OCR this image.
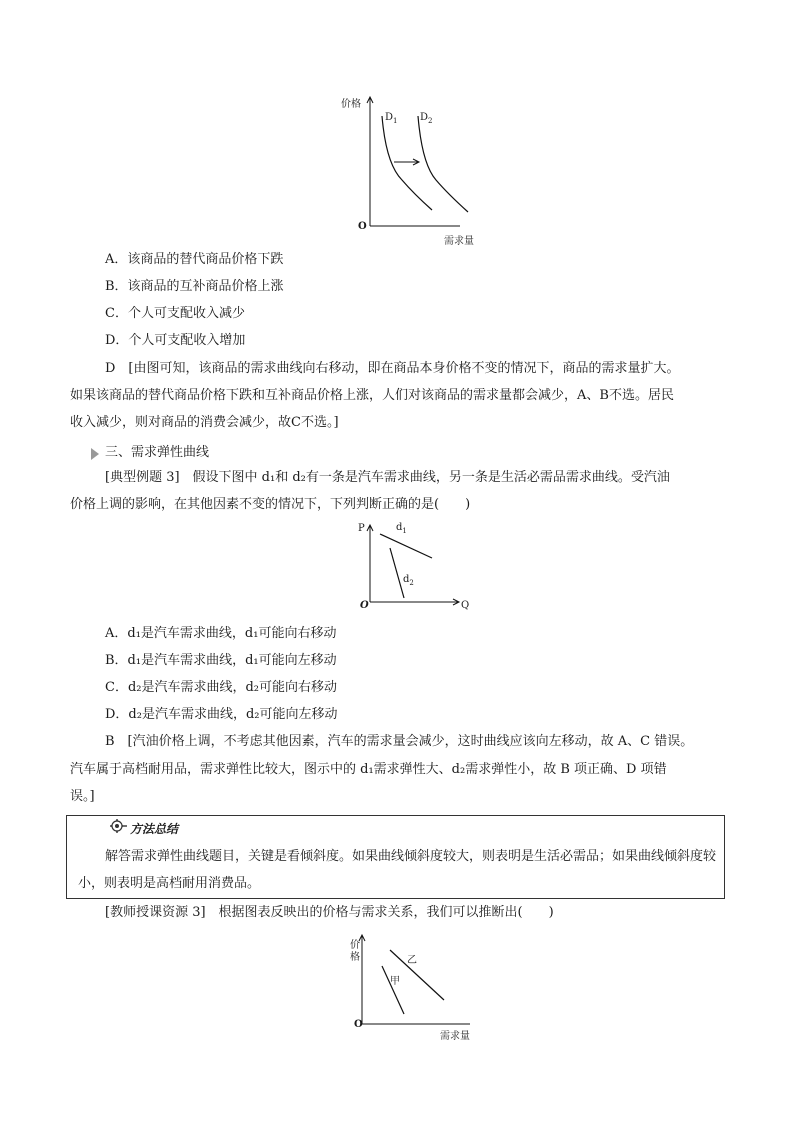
价格
O
需求量
$D_1$ $D_2$
A．该商品的替代商品价格下跌
B．该商品的互补商品价格上涨
C．个人可支配收入减少
D．个人可支配收入增加
D　[由图可知，该商品的需求曲线向右移动，即在商品本身价格不变的情况下，商品的需求量扩大。
如果该商品的替代商品价格下跌和互补商品价格上涨，人们对该商品的需求量都会减少，A、B不选。居民
收入减少，则对商品的消费会减少，故C不选。]
三、需求弹性曲线
[典型例题 3]　假设下图中 d₁和 d₂有一条是汽车需求曲线，另一条是生活必需品需求曲线。受汽油
价格上调的影响，在其他因素不变的情况下，下列判断正确的是(　　)
P
O	Q
$d_1$
$d_2$
A．d₁是汽车需求曲线，d₁可能向右移动
B．d₁是汽车需求曲线，d₁可能向左移动
C．d₂是汽车需求曲线，d₂可能向右移动
D．d₂是汽车需求曲线，d₂可能向左移动
B　[汽油价格上调，不考虑其他因素，汽车的需求量会减少，这时曲线应该向左移动，故 A、C 错误。
汽车属于高档耐用品，需求弹性比较大，图示中的 d₁需求弹性大、d₂需求弹性小，故 B 项正确、D 项错
误。]
方法总结
解答需求弹性曲线题目，关键是看倾斜度。如果曲线倾斜度较大，则表明是生活必需品；如果曲线倾斜度较小，则表明是高档耐用消费品。
[教师授课资源 3]　根据图表反映出的价格与需求关系，我们可以推断出(　　)
价
格
O
需求量
乙
甲
